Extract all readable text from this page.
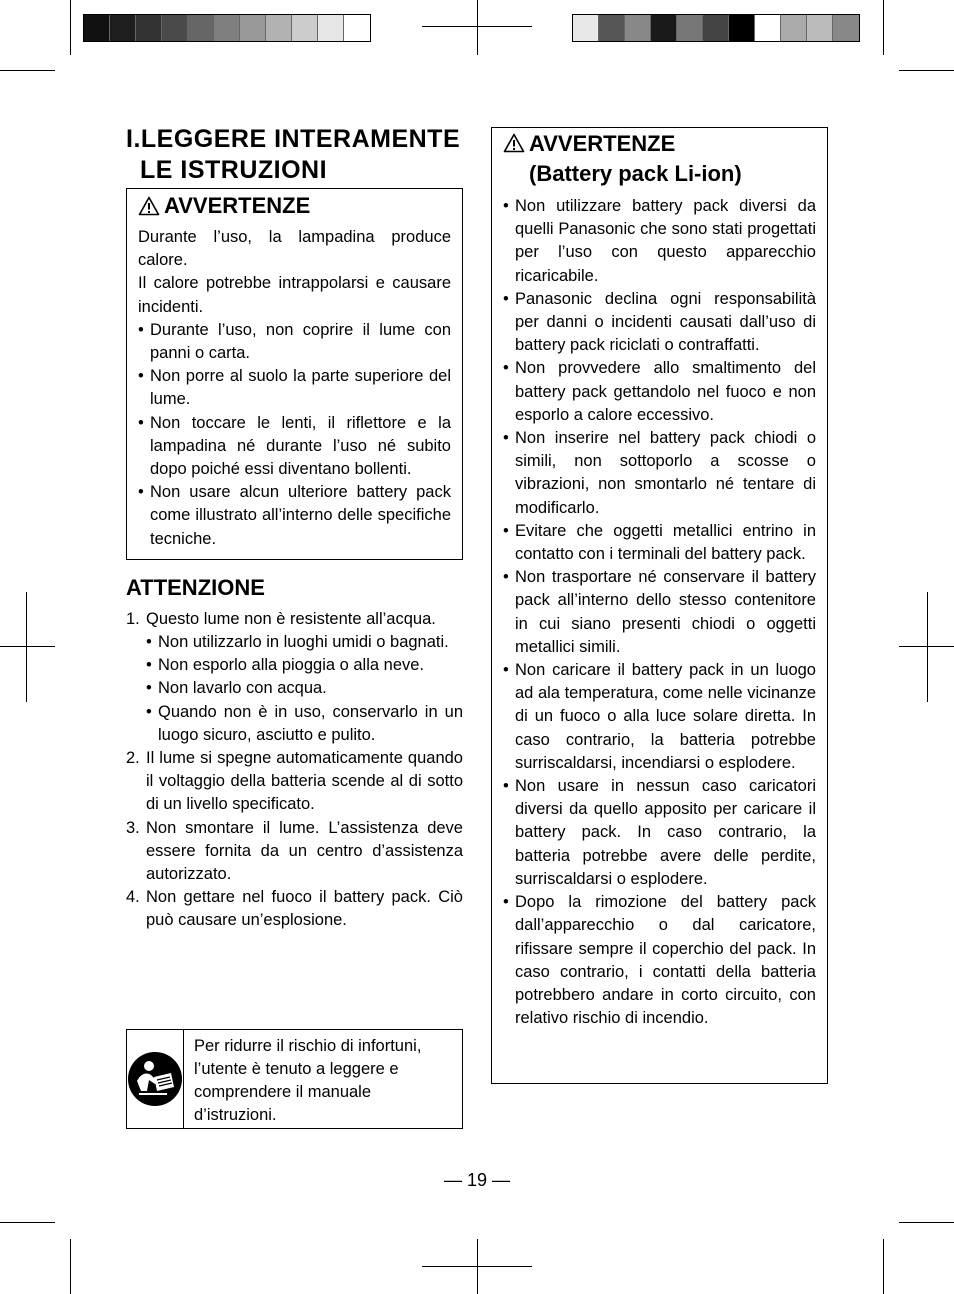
I.LEGGERE INTERAMENTE
LE ISTRUZIONI
AVVERTENZE

Durante l’uso, la lampadina produce calore.

Il calore potrebbe intrappolarsi e causare incidenti.

• Durante l’uso, non coprire il lume con panni o carta.
• Non porre al suolo la parte superiore del lume.
• Non toccare le lenti, il riflettore e la lampadina né durante l’uso né subito dopo poiché essi diventano bollenti.
• Non usare alcun ulteriore battery pack come illustrato all’interno delle specifiche tecniche.
ATTENZIONE
1. Questo lume non è resistente all’acqua.
• Non utilizzarlo in luoghi umidi o bagnati.
• Non esporlo alla pioggia o alla neve.
• Non lavarlo con acqua.
• Quando non è in uso, conservarlo in un luogo sicuro, asciutto e pulito.
2. Il lume si spegne automaticamente quando il voltaggio della batteria scende al di sotto di un livello specificato.
3. Non smontare il lume. L’assistenza deve essere fornita da un centro d’assistenza autorizzato.
4. Non gettare nel fuoco il battery pack. Ciò può causare un’esplosione.
Per ridurre il rischio di infortuni, l’utente è tenuto a leggere e comprendere il manuale d’istruzioni.
AVVERTENZE
(Battery pack Li-ion)
• Non utilizzare battery pack diversi da quelli Panasonic che sono stati progettati per l’uso con questo apparecchio ricaricabile.
• Panasonic declina ogni responsabilità per danni o incidenti causati dall’uso di battery pack riciclati o contraffatti.
• Non provvedere allo smaltimento del battery pack gettandolo nel fuoco e non esporlo a calore eccessivo.
• Non inserire nel battery pack chiodi o simili, non sottoporlo a scosse o vibrazioni, non smontarlo né tentare di modificarlo.
• Evitare che oggetti metallici entrino in contatto con i terminali del battery pack.
• Non trasportare né conservare il battery pack all’interno dello stesso contenitore in cui siano presenti chiodi o oggetti metallici simili.
• Non caricare il battery pack in un luogo ad ala temperatura, come nelle vicinanze di un fuoco o alla luce solare diretta. In caso contrario, la batteria potrebbe surriscaldarsi, incendiarsi o esplodere.
• Non usare in nessun caso caricatori diversi da quello apposito per caricare il battery pack. In caso contrario, la batteria potrebbe avere delle perdite, surriscaldarsi o esplodere.
• Dopo la rimozione del battery pack dall’apparecchio o dal caricatore, rifissare sempre il coperchio del pack. In caso contrario, i contatti della batteria potrebbero andare in corto circuito, con relativo rischio di incendio.
— 19 —
